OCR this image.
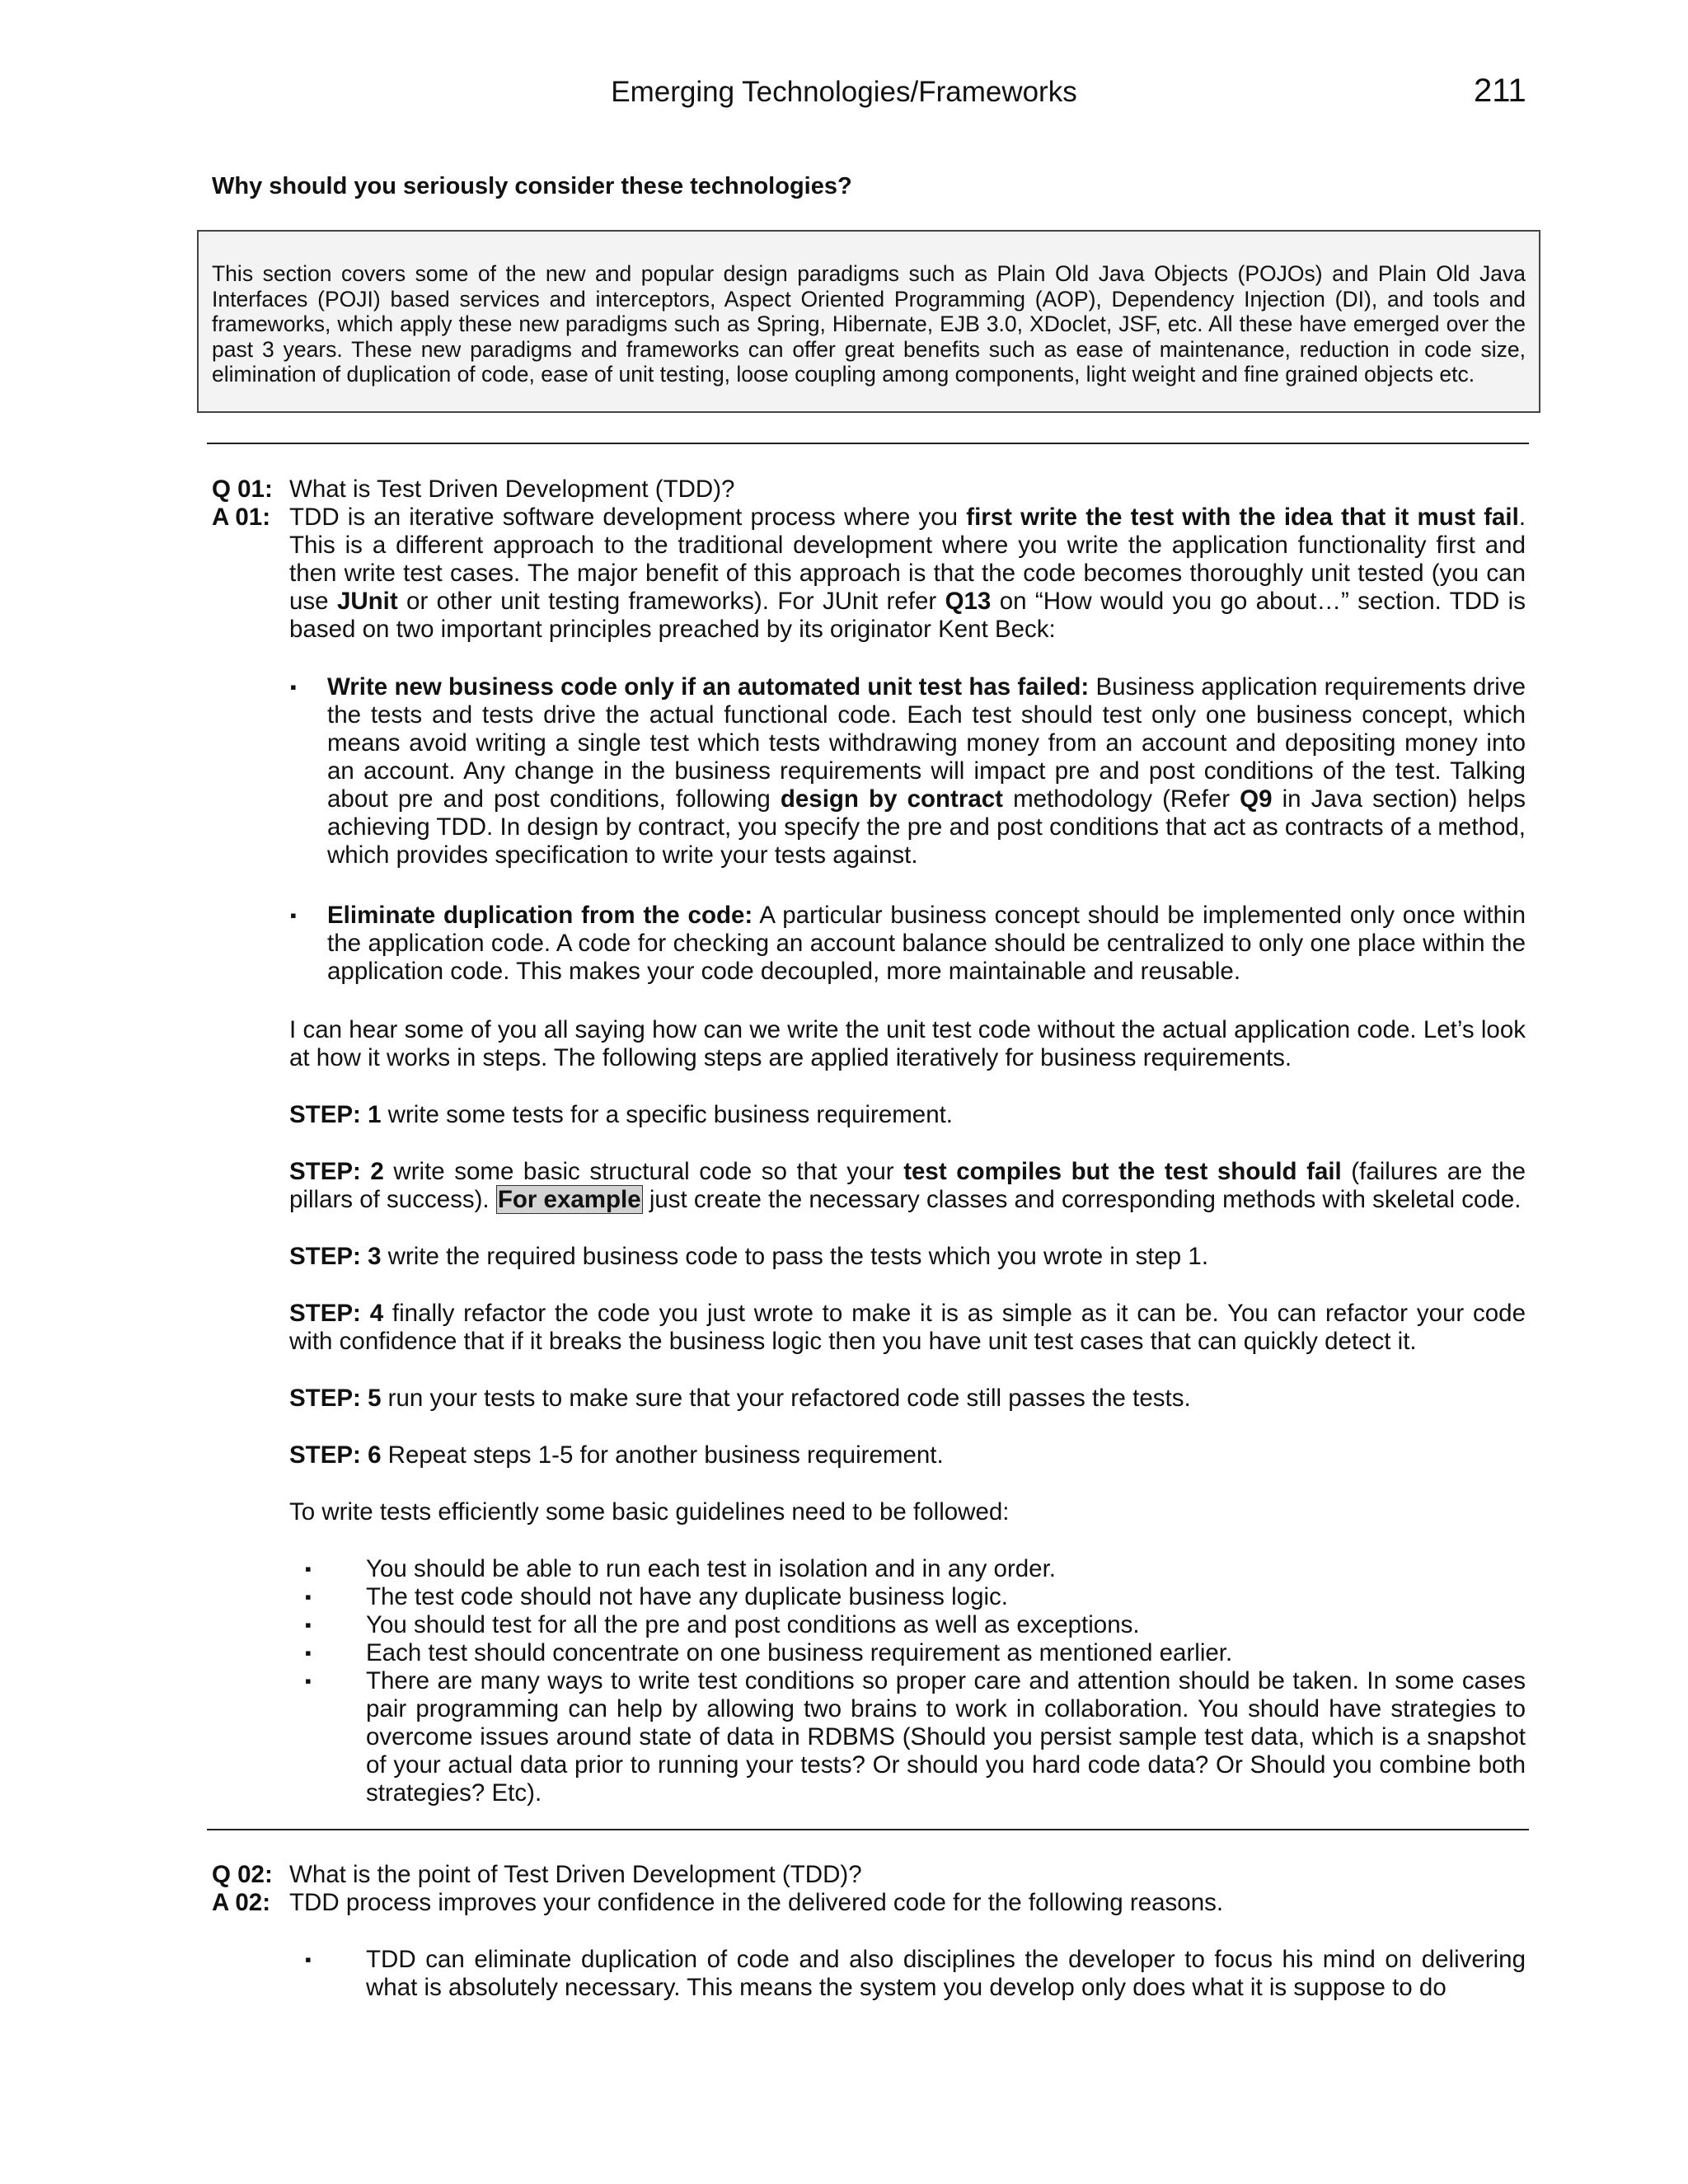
Emerging Technologies/Frameworks	211
Why should you seriously consider these technologies?
This section covers some of the new and popular design paradigms such as Plain Old Java Objects (POJOs) and Plain Old Java Interfaces (POJI) based services and interceptors, Aspect Oriented Programming (AOP), Dependency Injection (DI), and tools and frameworks, which apply these new paradigms such as Spring, Hibernate, EJB 3.0, XDoclet, JSF, etc. All these have emerged over the past 3 years. These new paradigms and frameworks can offer great benefits such as ease of maintenance, reduction in code size, elimination of duplication of code, ease of unit testing, loose coupling among components, light weight and fine grained objects etc.
Q 01: What is Test Driven Development (TDD)?
A 01: TDD is an iterative software development process where you first write the test with the idea that it must fail. This is a different approach to the traditional development where you write the application functionality first and then write test cases. The major benefit of this approach is that the code becomes thoroughly unit tested (you can use JUnit or other unit testing frameworks). For JUnit refer Q13 on “How would you go about…” section. TDD is based on two important principles preached by its originator Kent Beck:

▪ Write new business code only if an automated unit test has failed: Business application requirements drive the tests and tests drive the actual functional code. Each test should test only one business concept, which means avoid writing a single test which tests withdrawing money from an account and depositing money into an account. Any change in the business requirements will impact pre and post conditions of the test. Talking about pre and post conditions, following design by contract methodology (Refer Q9 in Java section) helps achieving TDD. In design by contract, you specify the pre and post conditions that act as contracts of a method, which provides specification to write your tests against.

▪ Eliminate duplication from the code: A particular business concept should be implemented only once within the application code. A code for checking an account balance should be centralized to only one place within the application code. This makes your code decoupled, more maintainable and reusable.

I can hear some of you all saying how can we write the unit test code without the actual application code. Let’s look at how it works in steps. The following steps are applied iteratively for business requirements.

STEP: 1 write some tests for a specific business requirement.

STEP: 2 write some basic structural code so that your test compiles but the test should fail (failures are the pillars of success). For example just create the necessary classes and corresponding methods with skeletal code.

STEP: 3 write the required business code to pass the tests which you wrote in step 1.

STEP: 4 finally refactor the code you just wrote to make it is as simple as it can be. You can refactor your code with confidence that if it breaks the business logic then you have unit test cases that can quickly detect it.

STEP: 5 run your tests to make sure that your refactored code still passes the tests.

STEP: 6 Repeat steps 1-5 for another business requirement.

To write tests efficiently some basic guidelines need to be followed:

▪ You should be able to run each test in isolation and in any order.

▪ The test code should not have any duplicate business logic.

▪ You should test for all the pre and post conditions as well as exceptions.

▪ Each test should concentrate on one business requirement as mentioned earlier.

▪ There are many ways to write test conditions so proper care and attention should be taken. In some cases pair programming can help by allowing two brains to work in collaboration. You should have strategies to overcome issues around state of data in RDBMS (Should you persist sample test data, which is a snapshot of your actual data prior to running your tests? Or should you hard code data? Or Should you combine both strategies? Etc).

Q 02: What is the point of Test Driven Development (TDD)?
A 02: TDD process improves your confidence in the delivered code for the following reasons.
▪ TDD can eliminate duplication of code and also disciplines the developer to focus his mind on delivering what is absolutely necessary. This means the system you develop only does what it is suppose to do
